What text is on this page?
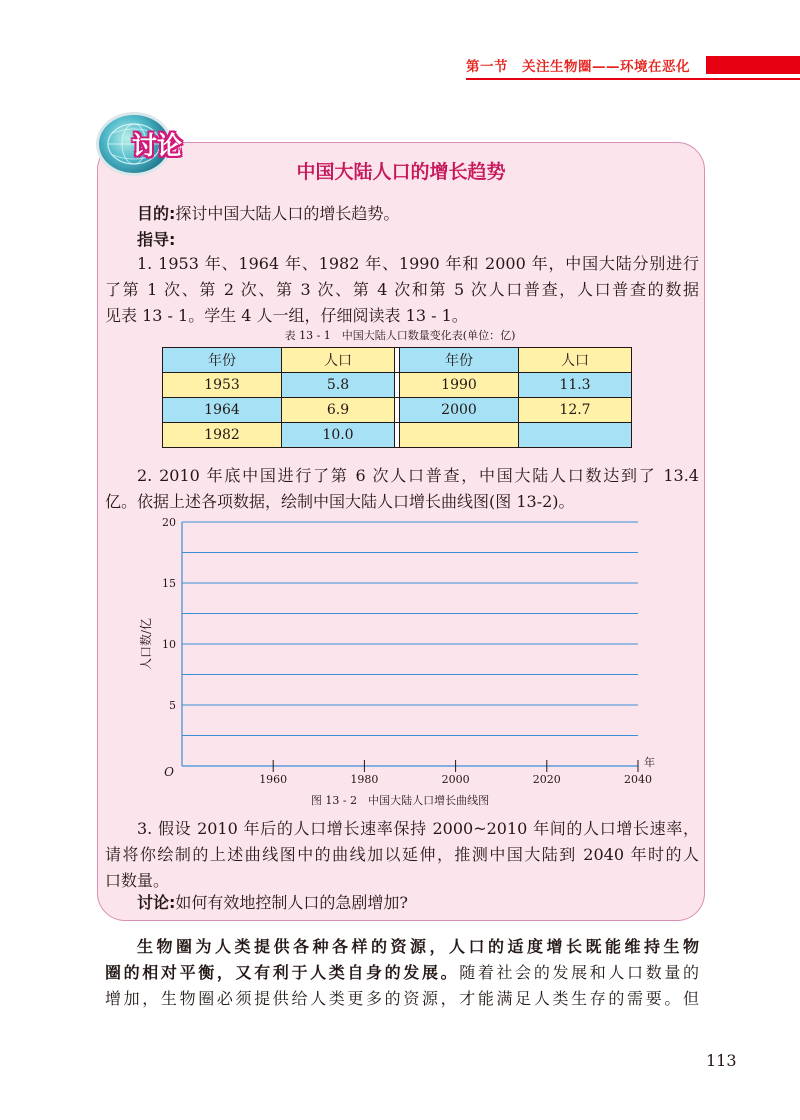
第一节　关注生物圈——环境在恶化
讨论
中国大陆人口的增长趋势
目的:探讨中国大陆人口的增长趋势。
指导:
1. 1953 年、1964 年、1982 年、1990 年和 2000 年，中国大陆分别进行
了第 1 次、第 2 次、第 3 次、第 4 次和第 5 次人口普查，人口普查的数据
见表 13 - 1。学生 4 人一组，仔细阅读表 13 - 1。
表 13 - 1　中国大陆人口数量变化表(单位：亿)
年份	人口		年份	人口
1953	5.8		1990	11.3
1964	6.9		2000	12.7
1982	10.0			
2. 2010 年底中国进行了第 6 次人口普查，中国大陆人口数达到了 13.4
亿。依据上述各项数据，绘制中国大陆人口增长曲线图(图 13-2)。
1960	1980	2000	2020	2040
5
10
15
20
O
年
人口数/亿
图 13 - 2　中国大陆人口增长曲线图
3. 假设 2010 年后的人口增长速率保持 2000~2010 年间的人口增长速率，
请将你绘制的上述曲线图中的曲线加以延伸，推测中国大陆到 2040 年时的人
口数量。
讨论:如何有效地控制人口的急剧增加?
生物圈为人类提供各种各样的资源，人口的适度增长既能维持生物
圈的相对平衡，又有利于人类自身的发展。随着社会的发展和人口数量的
增加，生物圈必须提供给人类更多的资源，才能满足人类生存的需要。但
113
